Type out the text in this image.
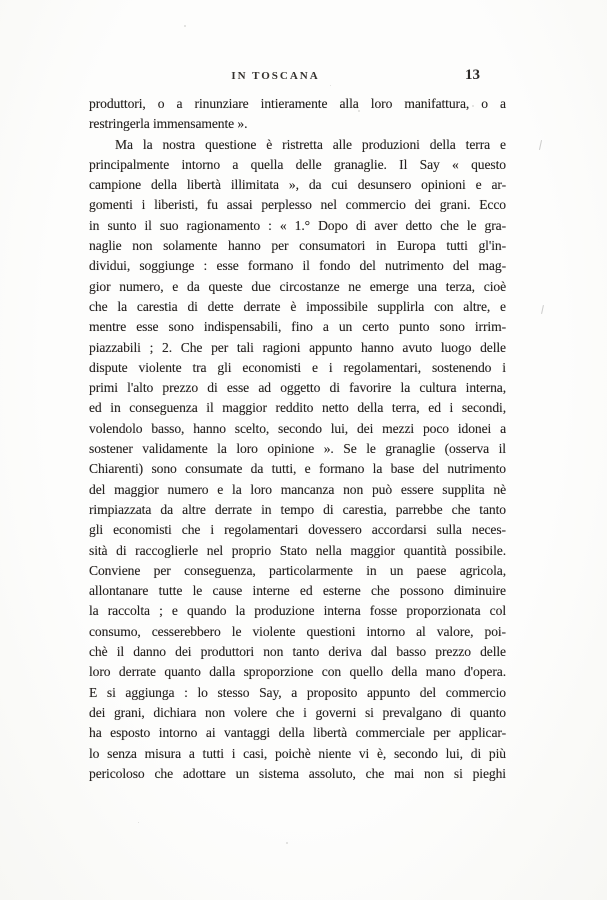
IN TOSCANA	13
produttori, o a rinunziare intieramente alla loro manifattura, o a
restringerla immensamente ».
Ma la nostra questione è ristretta alle produzioni della terra e
principalmente intorno a quella delle granaglie. Il Say « questo
campione della libertà illimitata », da cui desunsero opinioni e ar-
gomenti i liberisti, fu assai perplesso nel commercio dei grani. Ecco
in sunto il suo ragionamento : « 1.° Dopo di aver detto che le gra-
naglie non solamente hanno per consumatori in Europa tutti gl'in-
dividui, soggiunge : esse formano il fondo del nutrimento del mag-
gior numero, e da queste due circostanze ne emerge una terza, cioè
che la carestia di dette derrate è impossibile supplirla con altre, e
mentre esse sono indispensabili, fino a un certo punto sono irrim-
piazzabili ; 2. Che per tali ragioni appunto hanno avuto luogo delle
dispute violente tra gli economisti e i regolamentari, sostenendo i
primi l'alto prezzo di esse ad oggetto di favorire la cultura interna,
ed in conseguenza il maggior reddito netto della terra, ed i secondi,
volendolo basso, hanno scelto, secondo lui, dei mezzi poco idonei a
sostener validamente la loro opinione ». Se le granaglie (osserva il
Chiarenti) sono consumate da tutti, e formano la base del nutrimento
del maggior numero e la loro mancanza non può essere supplita nè
rimpiazzata da altre derrate in tempo di carestia, parrebbe che tanto
gli economisti che i regolamentari dovessero accordarsi sulla neces-
sità di raccoglierle nel proprio Stato nella maggior quantità possibile.
Conviene per conseguenza, particolarmente in un paese agricola,
allontanare tutte le cause interne ed esterne che possono diminuire
la raccolta ; e quando la produzione interna fosse proporzionata col
consumo, cesserebbero le violente questioni intorno al valore, poi-
chè il danno dei produttori non tanto deriva dal basso prezzo delle
loro derrate quanto dalla sproporzione con quello della mano d'opera.
E si aggiunga : lo stesso Say, a proposito appunto del commercio
dei grani, dichiara non volere che i governi si prevalgano di quanto
ha esposto intorno ai vantaggi della libertà commerciale per applicar-
lo senza misura a tutti i casi, poichè niente vi è, secondo lui, di più
pericoloso che adottare un sistema assoluto, che mai non si pieghi
